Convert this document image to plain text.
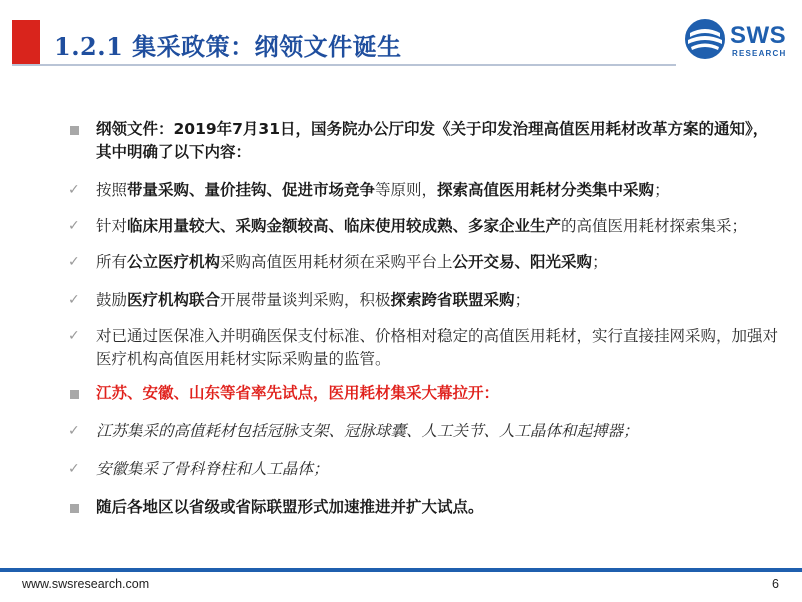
1.2.1 集采政策：纲领文件诞生	SWS
RESEARCH
纲领文件：2019年7月31日，国务院办公厅印发《关于印发治理高值医用耗材改革方案的通知》，其中明确了以下内容：
✓ 按照带量采购、量价挂钩、促进市场竞争等原则，探索高值医用耗材分类集中采购；
✓ 针对临床用量较大、采购金额较高、临床使用较成熟、多家企业生产的高值医用耗材探索集采；
✓ 所有公立医疗机构采购高值医用耗材须在采购平台上公开交易、阳光采购；
✓ 鼓励医疗机构联合开展带量谈判采购，积极探索跨省联盟采购；
✓ 对已通过医保准入并明确医保支付标准、价格相对稳定的高值医用耗材，实行直接挂网采购，加强对医疗机构高值医用耗材实际采购量的监管。
江苏、安徽、山东等省率先试点，医用耗材集采大幕拉开：
✓ 江苏集采的高值耗材包括冠脉支架、冠脉球囊、人工关节、人工晶体和起搏器；
✓ 安徽集采了骨科脊柱和人工晶体；
随后各地区以省级或省际联盟形式加速推进并扩大试点。
www.swsresearch.com	6
